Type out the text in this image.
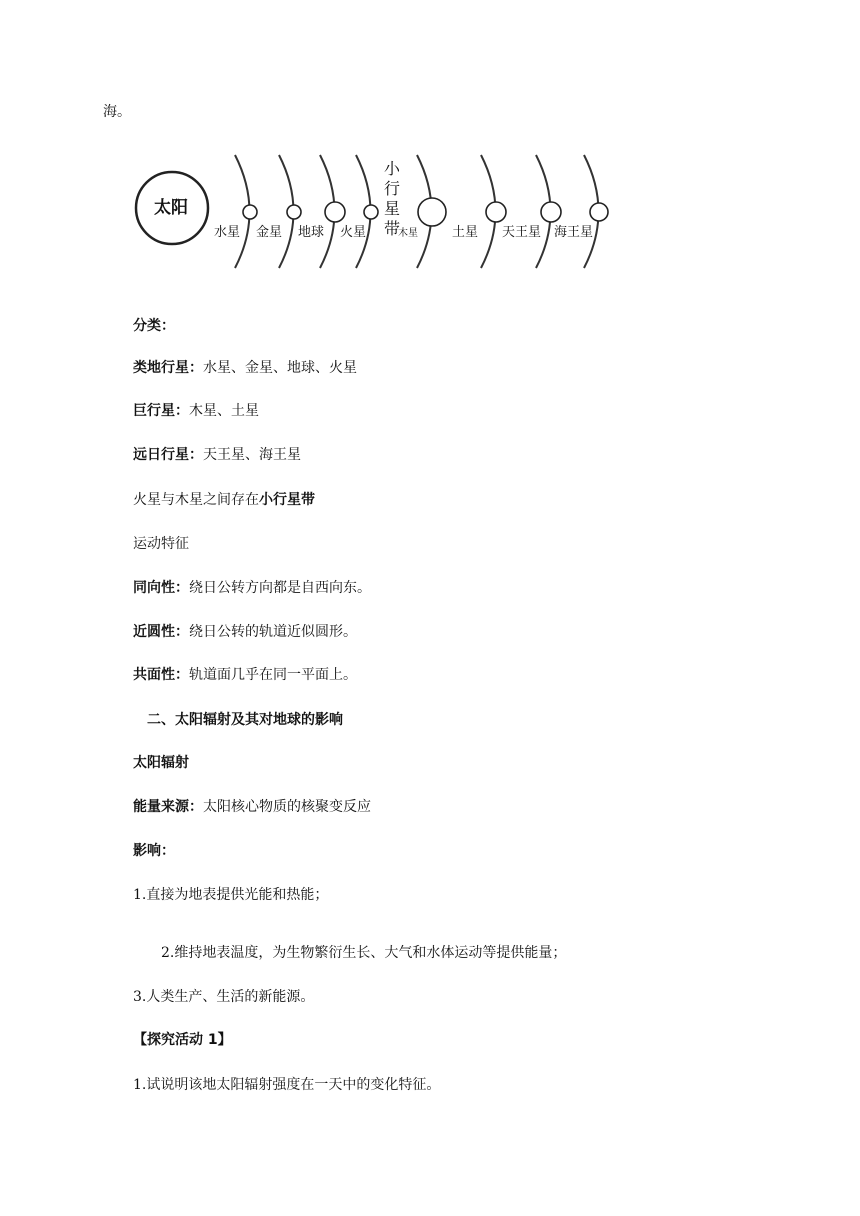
海。
太阳
水星 金星 地球 火星	木星	土星 天王星 海王星
小
行
星
带
分类：
类地行星：水星、金星、地球、火星
巨行星：木星、土星
远日行星：天王星、海王星
火星与木星之间存在小行星带
运动特征
同向性：绕日公转方向都是自西向东。
近圆性：绕日公转的轨道近似圆形。
共面性：轨道面几乎在同一平面上。
二、太阳辐射及其对地球的影响
太阳辐射
能量来源：太阳核心物质的核聚变反应
影响：
1.直接为地表提供光能和热能；
2.维持地表温度，为生物繁衍生长、大气和水体运动等提供能量；
3.人类生产、生活的新能源。
【探究活动 1】
1.试说明该地太阳辐射强度在一天中的变化特征。
